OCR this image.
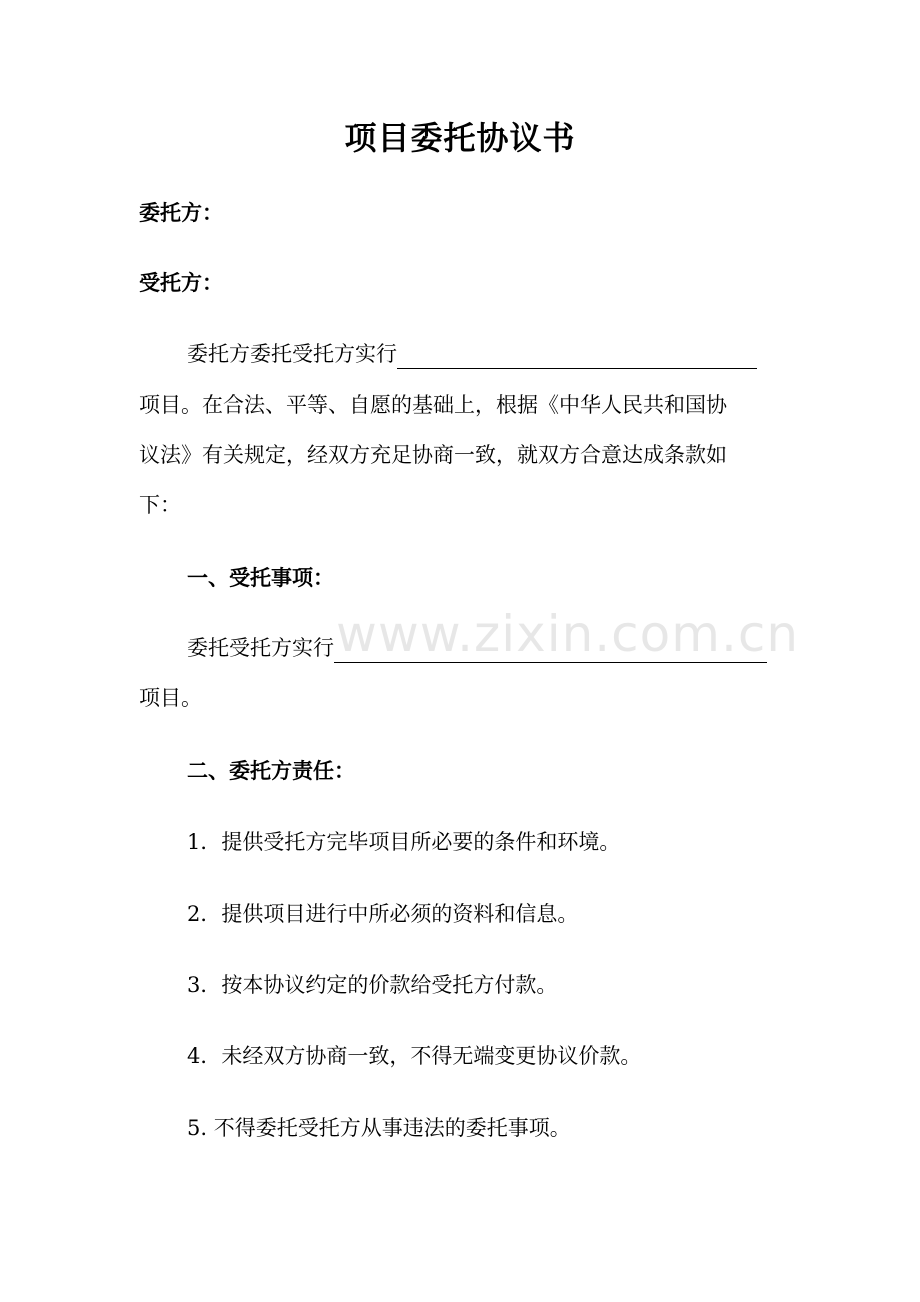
项目委托协议书
委托方：
受托方：
委托方委托受托方实行
项目。在合法、平等、自愿的基础上，根据《中华人民共和国协
议法》有关规定，经双方充足协商一致，就双方合意达成条款如
下：
一、受托事项：
委托受托方实行
项目。
二、委托方责任：
1．提供受托方完毕项目所必要的条件和环境。
2．提供项目进行中所必须的资料和信息。
3．按本协议约定的价款给受托方付款。
4．未经双方协商一致，不得无端变更协议价款。
5. 不得委托受托方从事违法的委托事项。
www.zixin.com.cn
